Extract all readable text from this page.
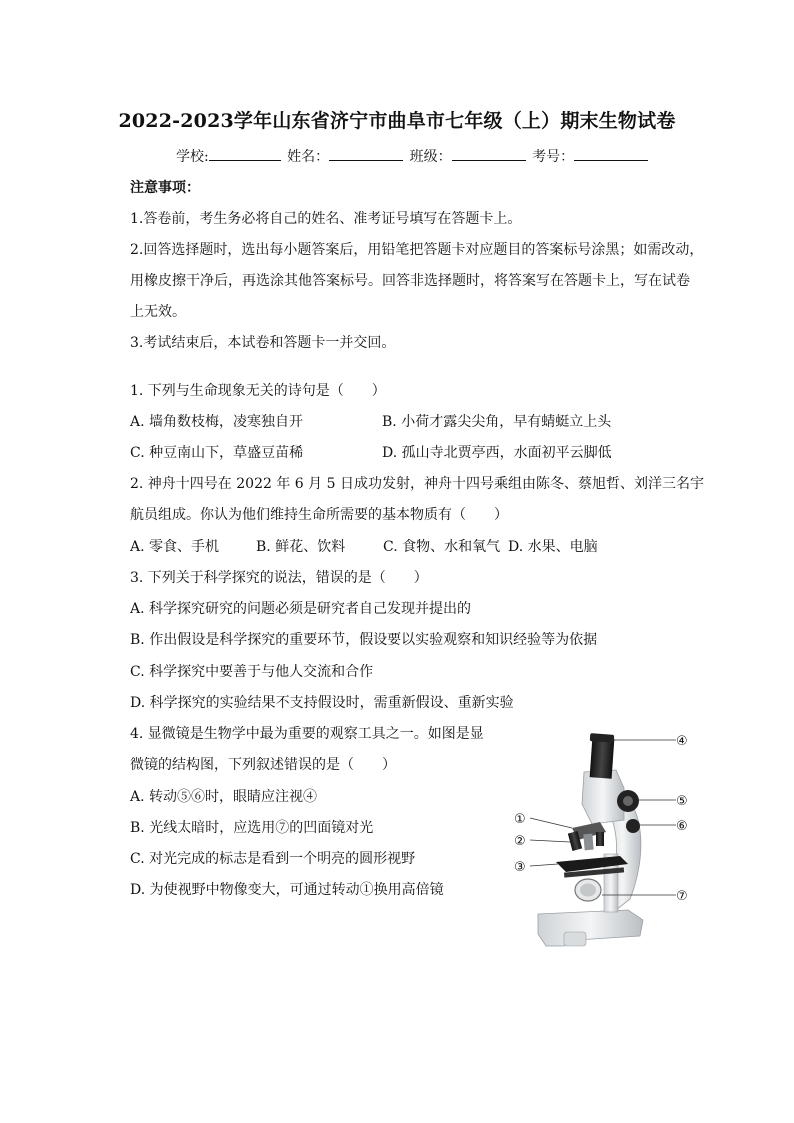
2022-2023学年山东省济宁市曲阜市七年级（上）期末生物试卷
学校:	姓名：	班级：	考号：
注意事项：
1.答卷前，考生务必将自己的姓名、准考证号填写在答题卡上。
2.回答选择题时，选出每小题答案后，用铅笔把答题卡对应题目的答案标号涂黑；如需改动，
用橡皮擦干净后，再选涂其他答案标号。回答非选择题时，将答案写在答题卡上，写在试卷
上无效。
3.考试结束后，本试卷和答题卡一并交回。
1. 下列与生命现象无关的诗句是（　　）
A. 墙角数枝梅，凌寒独自开	B. 小荷才露尖尖角，早有蜻蜓立上头
C. 种豆南山下，草盛豆苗稀	D. 孤山寺北贾亭西，水面初平云脚低
2. 神舟十四号在 2022 年 6 月 5 日成功发射，神舟十四号乘组由陈冬、蔡旭哲、刘洋三名宇
航员组成。你认为他们维持生命所需要的基本物质有（　　）
A. 零食、手机	B. 鲜花、饮料	C. 食物、水和氧气 D. 水果、电脑
3. 下列关于科学探究的说法，错误的是（　　）
A. 科学探究研究的问题必须是研究者自己发现并提出的
B. 作出假设是科学探究的重要环节，假设要以实验观察和知识经验等为依据
C. 科学探究中要善于与他人交流和合作
D. 科学探究的实验结果不支持假设时，需重新假设、重新实验
4. 显微镜是生物学中最为重要的观察工具之一。如图是显
微镜的结构图，下列叙述错误的是（　　）
A. 转动⑤⑥时，眼睛应注视④
B. 光线太暗时，应选用⑦的凹面镜对光
C. 对光完成的标志是看到一个明亮的圆形视野
D. 为使视野中物像变大，可通过转动①换用高倍镜
①
②
③
④
⑤
⑥
⑦
